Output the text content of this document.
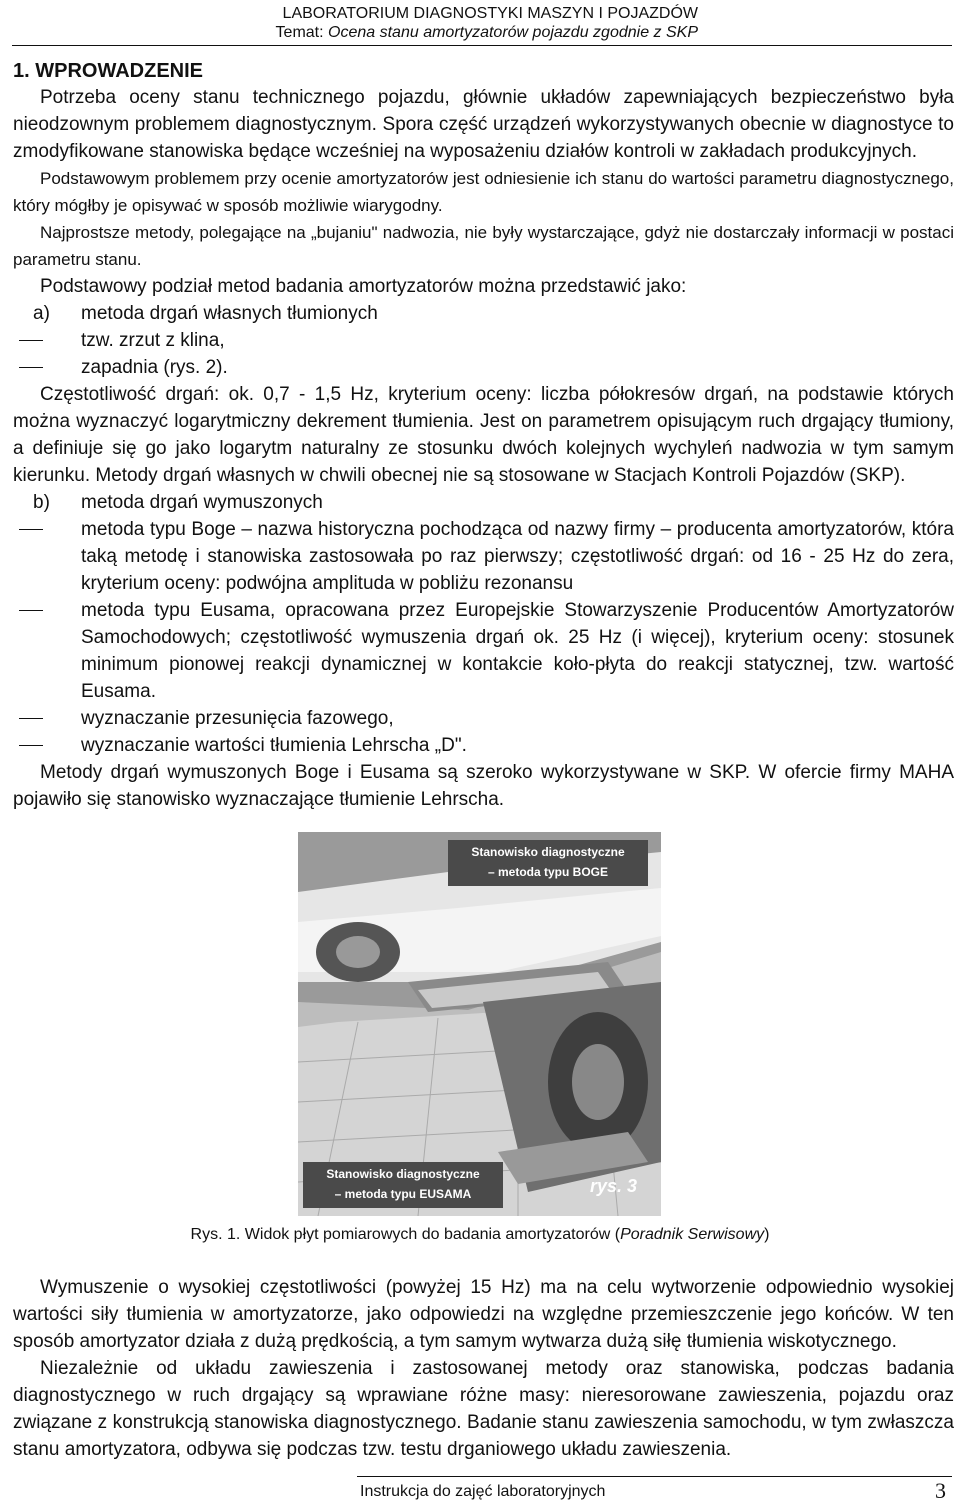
LABORATORIUM DIAGNOSTYKI MASZYN I POJAZDÓW
Temat: Ocena stanu amortyzatorów pojazdu zgodnie z SKP
1. WPROWADZENIE

Potrzeba oceny stanu technicznego pojazdu, głównie układów zapewniających bezpieczeństwo była nieodzownym problemem diagnostycznym. Spora część urządzeń wykorzystywanych obecnie w diagnostyce to zmodyfikowane stanowiska będące wcześniej na wyposażeniu działów kontroli w zakładach produkcyjnych.

Podstawowym problemem przy ocenie amortyzatorów jest odniesienie ich stanu do wartości parametru diagnostycznego, który mógłby je opisywać w sposób możliwie wiarygodny.

Najprostsze metody, polegające na „bujaniu" nadwozia, nie były wystarczające, gdyż nie dostarczały informacji w postaci parametru stanu.

Podstawowy podział metod badania amortyzatorów można przedstawić jako:

a) metoda drgań własnych tłumionych

tzw. zrzut z klina,

zapadnia (rys. 2).

Częstotliwość drgań: ok. 0,7 - 1,5 Hz, kryterium oceny: liczba półokresów drgań, na podstawie których można wyznaczyć logarytmiczny dekrement tłumienia. Jest on parametrem opisującym ruch drgający tłumiony, a definiuje się go jako logarytm naturalny ze stosunku dwóch kolejnych wychyleń nadwozia w tym samym kierunku. Metody drgań własnych w chwili obecnej nie są stosowane w Stacjach Kontroli Pojazdów (SKP).

b) metoda drgań wymuszonych

metoda typu Boge – nazwa historyczna pochodząca od nazwy firmy – producenta amortyzatorów, która taką metodę i stanowiska zastosowała po raz pierwszy; częstotliwość drgań: od 16 - 25 Hz do zera, kryterium oceny: podwójna amplituda w pobliżu rezonansu

metoda typu Eusama, opracowana przez Europejskie Stowarzyszenie Producentów Amortyzatorów Samochodowych; częstotliwość wymuszenia drgań ok. 25 Hz (i więcej), kryterium oceny: stosunek minimum pionowej reakcji dynamicznej w kontakcie koło-płyta do reakcji statycznej, tzw. wartość Eusama.

wyznaczanie przesunięcia fazowego,

wyznaczanie wartości tłumienia Lehrscha „D".

Metody drgań wymuszonych Boge i Eusama są szeroko wykorzystywane w SKP. W ofercie firmy MAHA pojawiło się stanowisko wyznaczające tłumienie Lehrscha.

Stanowisko diagnostyczne
– metoda typu BOGE
Stanowisko diagnostyczne
– metoda typu EUSAMA	rys. 3
Rys. 1. Widok płyt pomiarowych do badania amortyzatorów (Poradnik Serwisowy)

Wymuszenie o wysokiej częstotliwości (powyżej 15 Hz) ma na celu wytworzenie odpowiednio wysokiej wartości siły tłumienia w amortyzatorze, jako odpowiedzi na względne przemieszczenie jego końców. W ten sposób amortyzator działa z dużą prędkością, a tym samym wytwarza dużą siłę tłumienia wiskotycznego.

Niezależnie od układu zawieszenia i zastosowanej metody oraz stanowiska, podczas badania diagnostycznego w ruch drgający są wprawiane różne masy: nieresorowane zawieszenia, pojazdu oraz związane z konstrukcją stanowiska diagnostycznego. Badanie stanu zawieszenia samochodu, w tym zwłaszcza stanu amortyzatora, odbywa się podczas tzw. testu drganiowego układu zawieszenia.

Instrukcja do zajęć laboratoryjnych	3
